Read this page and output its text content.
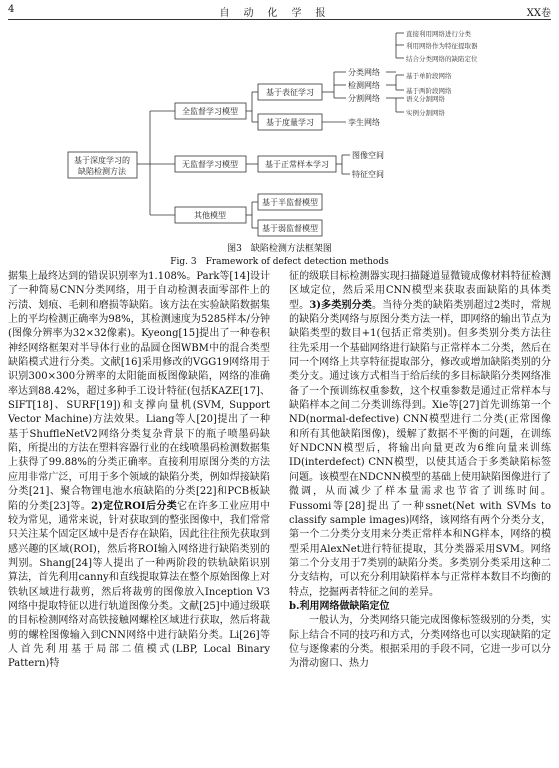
4	自动化学报	XX卷
基于深度学习的
缺陷检测方法
全监督学习模型
无监督学习模型
其他模型
基于表征学习
基于度量学习
分类网络
检测网络
分割网络
孪生网络
直接利用网络进行分类
利用网络作为特征提取器
结合分类网络的缺陷定位
基于单阶段网络
基于两阶段网络
语义分割网络
实例分割网络
基于正常样本学习
图像空间
特征空间
基于半监督模型
基于弱监督模型
图3　缺陷检测方法框架图
Fig. 3　Framework of defect detection methods

据集上最终达到的错误识别率为1.108%。Park等[14]设计了一种简易CNN分类网络，用于自动检测表面零部件上的污渍、划痕、毛刺和磨损等缺陷。该方法在实验缺陷数据集上的平均检测正确率为98%，其检测速度为5285样本/分钟(图像分辨率为32×32像素)。Kyeong[15]提出了一种卷积神经网络框架对半导体行业的晶圆仓图WBM中的混合类型缺陷模式进行分类。文献[16]采用修改的VGG19网络用于识别300×300分辨率的太阳能面板图像缺陷，网络的准确率达到88.42%，超过多种手工设计特征(包括KAZE[17]、SIFT[18]、SURF[19])和支撑向量机(SVM, Support Vector Machine)方法效果。Liang等人[20]提出了一种基于ShuffleNetV2网络分类复杂背景下的瓶子喷墨码缺陷，所提出的方法在塑料容器行业的在线喷墨码检测数据集上获得了99.88%的分类正确率。直接利用原图分类的方法应用非常广泛，可用于多个领域的缺陷分类，例如焊接缺陷分类[21]、聚合物锂电池水痕缺陷的分类[22]和PCB板缺陷的分类[23]等。2)定位ROI后分类它在许多工业应用中较为常见，通常来说，针对获取到的整张图像中，我们常常只关注某个固定区域中是否存在缺陷，因此往往预先获取到感兴趣的区域(ROI)，然后将ROI输入网络进行缺陷类别的判别。Shang[24]等人提出了一种两阶段的铁轨缺陷识别算法，首先利用canny和直线提取算法在整个原始图像上对铁轨区域进行裁剪，然后将裁剪的图像放入Inception V3网络中提取特征以进行轨道图像分类。文献[25]中通过级联的目标检测网络对高铁接触网螺栓区域进行获取，然后将裁剪的螺栓图像输入到CNN网络中进行缺陷分类。Li[26]等人首先利用基于局部二值模式(LBP, Local Binary Pattern)特

征的级联目标检测器实现扫描隧道显微镜成像材料特征检测区域定位，然后采用CNN模型来获取表面缺陷的具体类型。3)多类别分类。当待分类的缺陷类别超过2类时，常规的缺陷分类网络与原图分类方法一样，即网络的输出节点为缺陷类型的数目+1(包括正常类别)。但多类别分类方法往往先采用一个基础网络进行缺陷与正常样本二分类，然后在同一个网络上共享特征提取部分，修改或增加缺陷类别的分类分支。通过该方式相当于给后续的多目标缺陷分类网络准备了一个预训练权重参数，这个权重参数是通过正常样本与缺陷样本之间二分类训练得到。Xie等[27]首先训练第一个ND(normal-defective) CNN模型进行二分类(正常图像和所有其他缺陷图像)，缓解了数据不平衡的问题，在训练好NDCNN模型后，将输出向量更改为6维向量来训练ID(interdefect) CNN模型，以使其适合于多类缺陷标签问题。该模型在NDCNN模型的基础上使用缺陷图像进行了微调，从而减少了样本量需求也节省了训练时间。Fussomi等[28]提出了一种ssnet(Net with SVMs to classify sample images)网络，该网络有两个分类分支，第一个二分类分支用来分类正常样本和NG样本，网络的模型采用AlexNet进行特征提取，其分类器采用SVM。网络第二个分支用于7类别的缺陷分类。多类别分类采用这种二分支结构，可以充分利用缺陷样本与正常样本数目不均衡的特点，挖掘两者特征之间的差异。

b.利用网络做缺陷定位

一般认为，分类网络只能完成图像标签级别的分类，实际上结合不同的技巧和方式，分类网络也可以实现缺陷的定位与逐像素的分类。根据采用的手段不同，它进一步可以分为滑动窗口、热力
